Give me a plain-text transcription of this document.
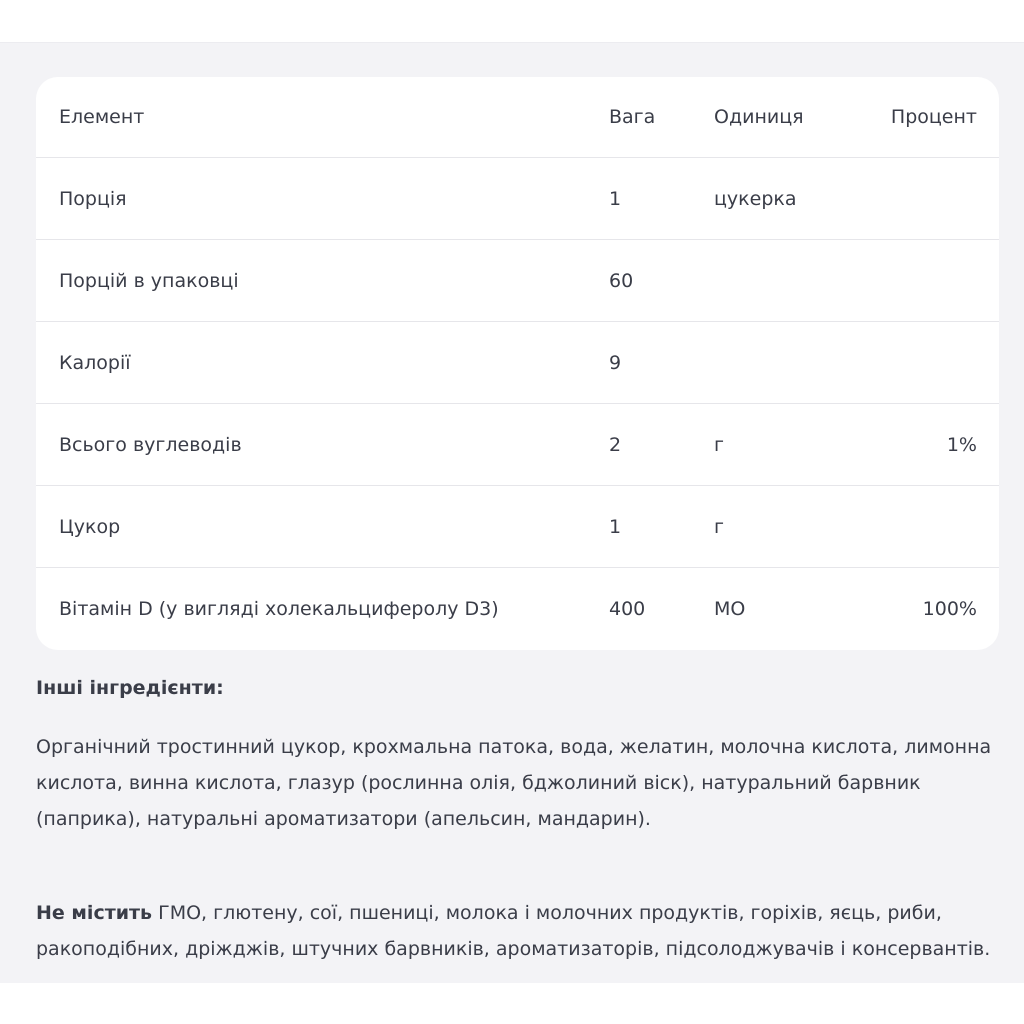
Елемент	Вага	Одиниця	Процент
Порція	1	цукерка
Порцій в упаковці	60
Калорії	9
Всього вуглеводів	2	г	1%
Цукор	1	г
Вітамін D (у вигляді холекальциферолу D3)	400	МО	100%
Інші інгредієнти:
Органічний тростинний цукор, крохмальна патока, вода, желатин, молочна кислота, лимонна кислота, винна кислота, глазур (рослинна олія, бджолиний віск), натуральний барвник (паприка), натуральні ароматизатори (апельсин, мандарин).
Не містить ГМО, глютену, сої, пшениці, молока і молочних продуктів, горіхів, яєць, риби, ракоподібних, дріжджів, штучних барвників, ароматизаторів, підсолоджувачів і консервантів.
